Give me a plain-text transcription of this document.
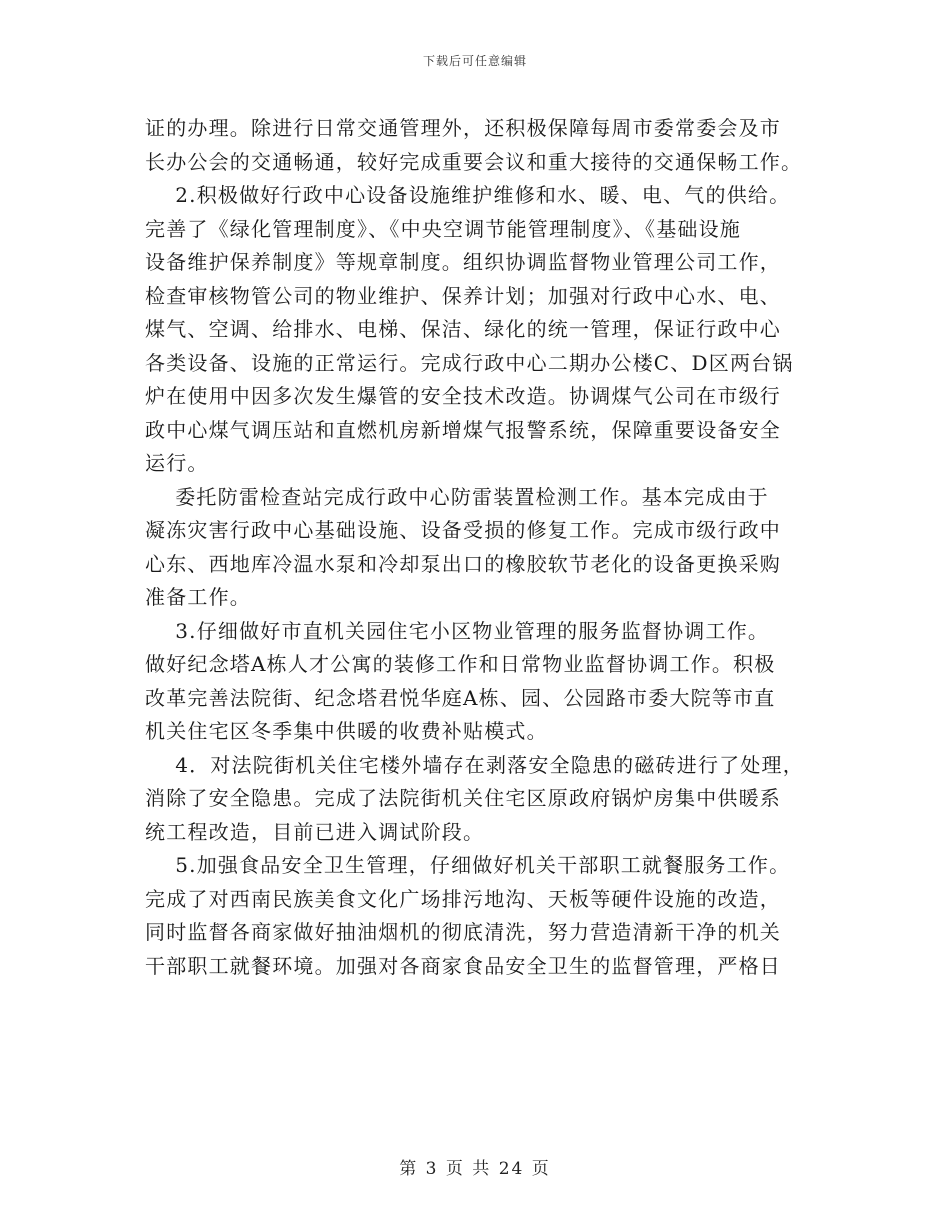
下载后可任意编辑

证的办理。除进行日常交通管理外，还积极保障每周市委常委会及市

长办公会的交通畅通，较好完成重要会议和重大接待的交通保畅工作。

2.积极做好行政中心设备设施维护维修和水、暖、电、气的供给。

完善了《绿化管理制度》、《中央空调节能管理制度》、《基础设施

设备维护保养制度》等规章制度。组织协调监督物业管理公司工作，

检查审核物管公司的物业维护、保养计划；加强对行政中心水、电、

煤气、空调、给排水、电梯、保洁、绿化的统一管理，保证行政中心

各类设备、设施的正常运行。完成行政中心二期办公楼C、D区两台锅

炉在使用中因多次发生爆管的安全技术改造。协调煤气公司在市级行

政中心煤气调压站和直燃机房新增煤气报警系统，保障重要设备安全

运行。

委托防雷检查站完成行政中心防雷装置检测工作。基本完成由于

凝冻灾害行政中心基础设施、设备受损的修复工作。完成市级行政中

心东、西地库冷温水泵和冷却泵出口的橡胶软节老化的设备更换采购

准备工作。

3.仔细做好市直机关园住宅小区物业管理的服务监督协调工作。

做好纪念塔A栋人才公寓的装修工作和日常物业监督协调工作。积极

改革完善法院街、纪念塔君悦华庭A栋、园、公园路市委大院等市直

机关住宅区冬季集中供暖的收费补贴模式。

4．对法院街机关住宅楼外墙存在剥落安全隐患的磁砖进行了处理，

消除了安全隐患。完成了法院街机关住宅区原政府锅炉房集中供暖系

统工程改造，目前已进入调试阶段。

5.加强食品安全卫生管理，仔细做好机关干部职工就餐服务工作。

完成了对西南民族美食文化广场排污地沟、天板等硬件设施的改造，

同时监督各商家做好抽油烟机的彻底清洗，努力营造清新干净的机关

干部职工就餐环境。加强对各商家食品安全卫生的监督管理，严格日

第 3 页 共 24 页
